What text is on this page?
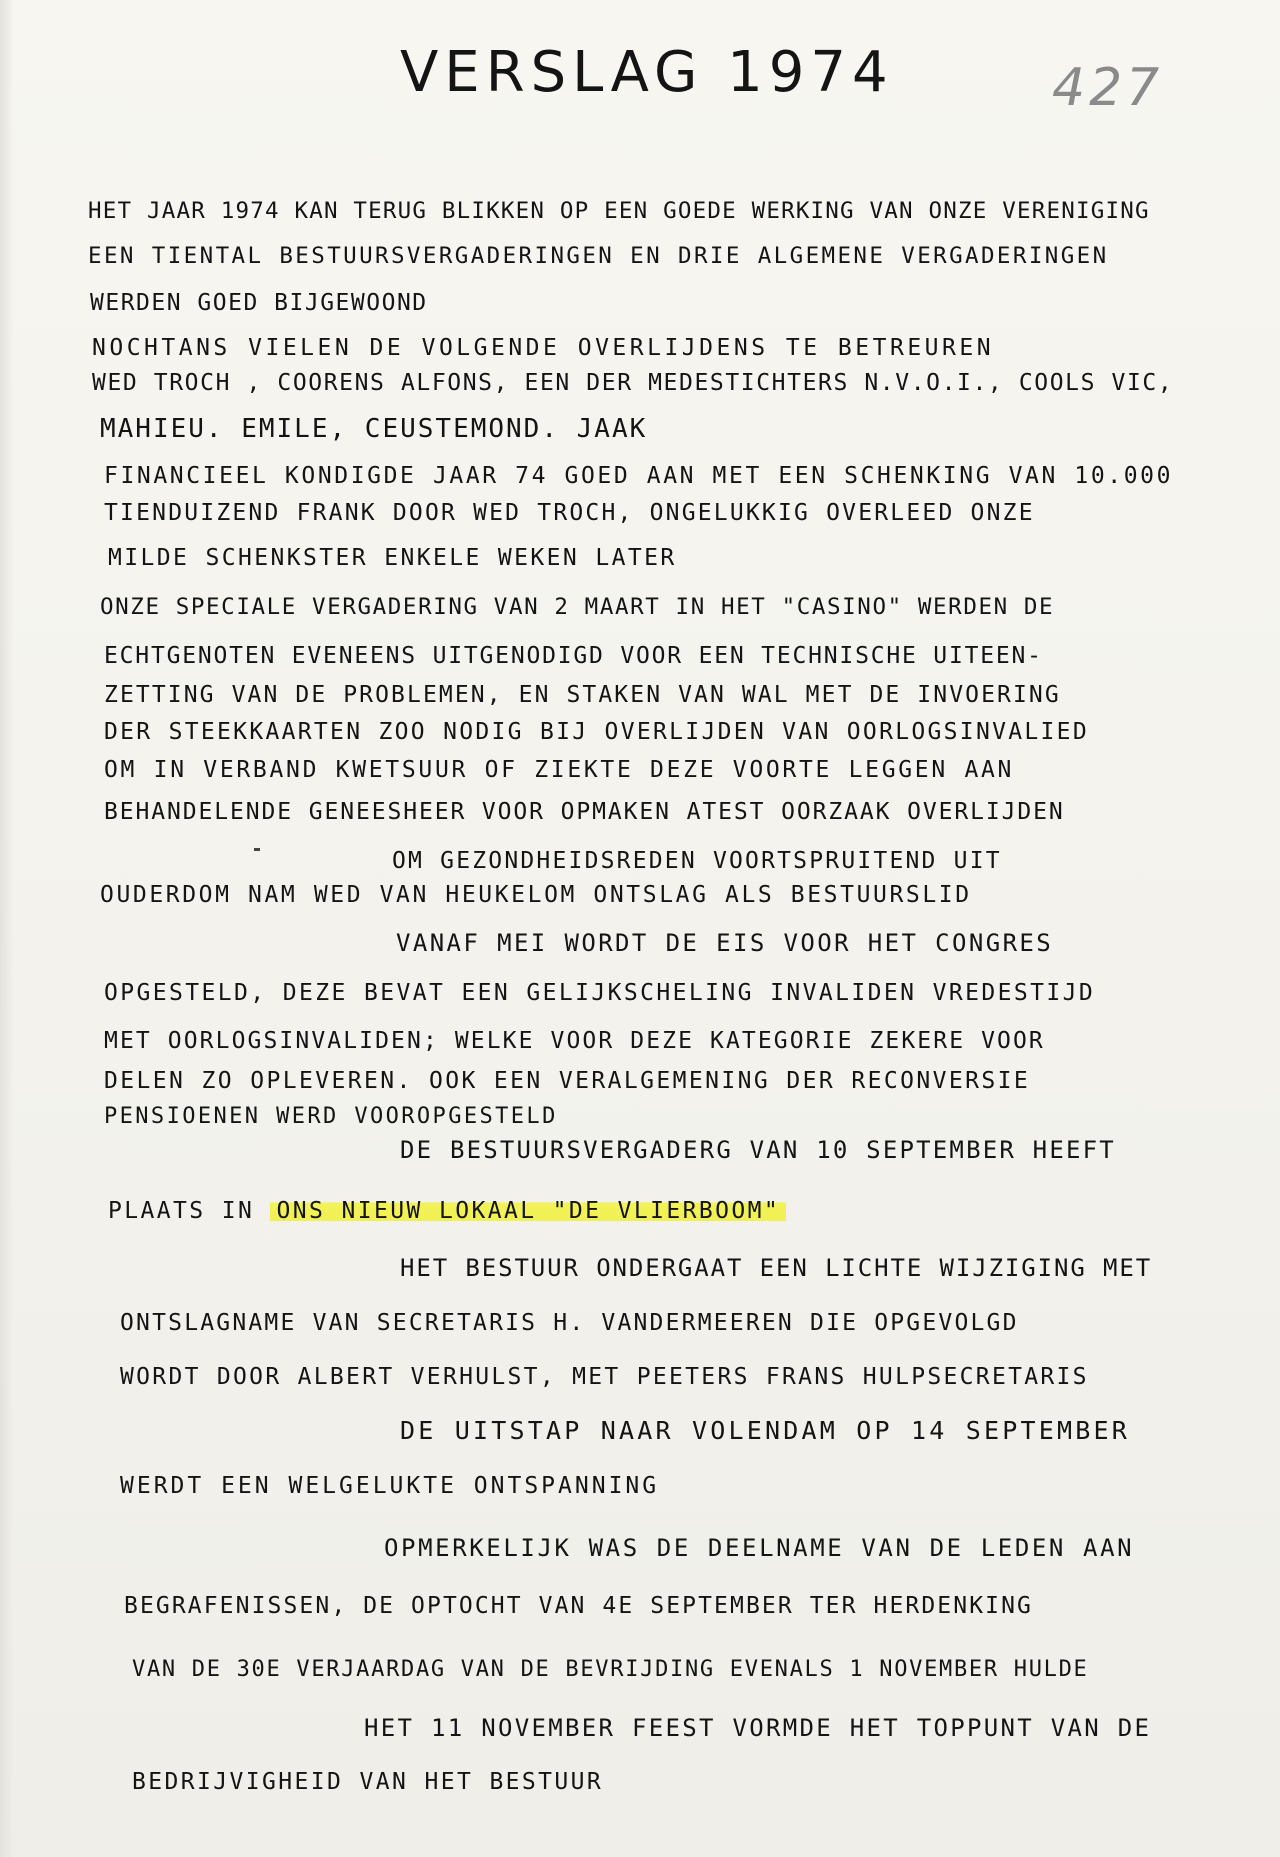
VERSLAG 1974	427
HET JAAR 1974 KAN TERUG BLIKKEN OP EEN GOEDE WERKING VAN ONZE VERENIGING
EEN TIENTAL BESTUURSVERGADERINGEN EN DRIE ALGEMENE VERGADERINGEN
WERDEN GOED BIJGEWOOND
NOCHTANS VIELEN DE VOLGENDE OVERLIJDENS TE BETREUREN
WED TROCH , COORENS ALFONS, EEN DER MEDESTICHTERS N.V.O.I., COOLS VIC,
MAHIEU. EMILE, CEUSTEMOND. JAAK
FINANCIEEL KONDIGDE JAAR 74 GOED AAN MET EEN SCHENKING VAN 10.000
TIENDUIZEND FRANK DOOR WED TROCH, ONGELUKKIG OVERLEED ONZE
MILDE SCHENKSTER ENKELE WEKEN LATER
ONZE SPECIALE VERGADERING VAN 2 MAART IN HET "CASINO" WERDEN DE
ECHTGENOTEN EVENEENS UITGENODIGD VOOR EEN TECHNISCHE UITEEN-
ZETTING VAN DE PROBLEMEN, EN STAKEN VAN WAL MET DE INVOERING
DER STEEKKAARTEN ZOO NODIG BIJ OVERLIJDEN VAN OORLOGSINVALIED
OM IN VERBAND KWETSUUR OF ZIEKTE DEZE VOORTE LEGGEN AAN
BEHANDELENDE GENEESHEER VOOR OPMAKEN ATEST OORZAAK OVERLIJDEN
OM GEZONDHEIDSREDEN VOORTSPRUITEND UIT
OUDERDOM NAM WED VAN HEUKELOM ONTSLAG ALS BESTUURSLID
VANAF MEI WORDT DE EIS VOOR HET CONGRES
OPGESTELD, DEZE BEVAT EEN GELIJKSCHELING INVALIDEN VREDESTIJD
MET OORLOGSINVALIDEN; WELKE VOOR DEZE KATEGORIE ZEKERE VOOR
DELEN ZO OPLEVEREN. OOK EEN VERALGEMENING DER RECONVERSIE
PENSIOENEN WERD VOOROPGESTELD
DE BESTUURSVERGADERG VAN 10 SEPTEMBER HEEFT
PLAATS IN ONS NIEUW LOKAAL "DE VLIERBOOM"
HET BESTUUR ONDERGAAT EEN LICHTE WIJZIGING MET
ONTSLAGNAME VAN SECRETARIS H. VANDERMEEREN DIE OPGEVOLGD
WORDT DOOR ALBERT VERHULST, MET PEETERS FRANS HULPSECRETARIS
DE UITSTAP NAAR VOLENDAM OP 14 SEPTEMBER
WERDT EEN WELGELUKTE ONTSPANNING
OPMERKELIJK WAS DE DEELNAME VAN DE LEDEN AAN
BEGRAFENISSEN, DE OPTOCHT VAN 4E SEPTEMBER TER HERDENKING
VAN DE 30E VERJAARDAG VAN DE BEVRIJDING EVENALS 1 NOVEMBER HULDE
HET 11 NOVEMBER FEEST VORMDE HET TOPPUNT VAN DE
BEDRIJVIGHEID VAN HET BESTUUR
